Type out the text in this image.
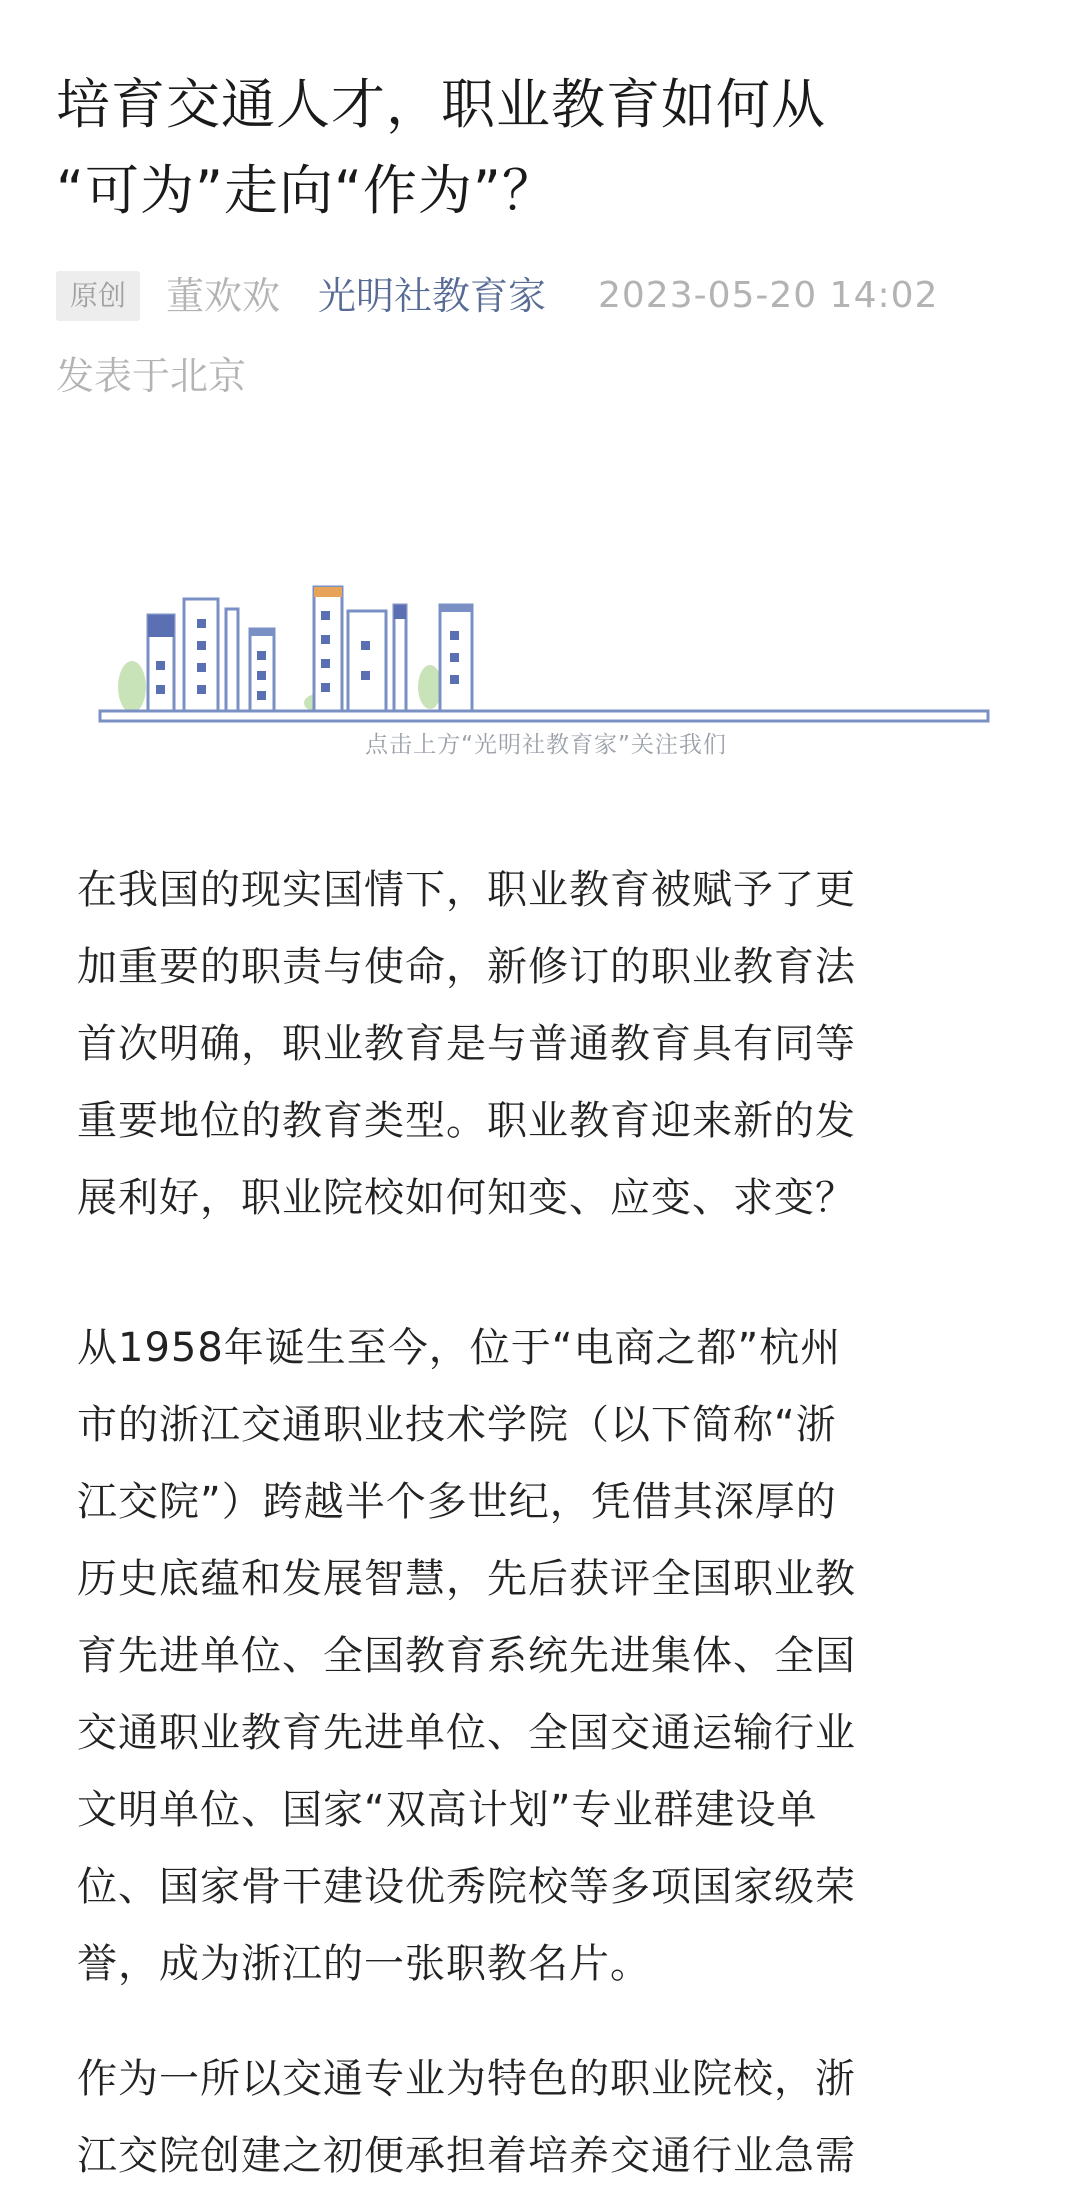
培育交通人才，职业教育如何从
“可为”走向“作为”？
原创	董欢欢 光明社教育家 2023-05-20 14:02
发表于北京
点击上方“光明社教育家”关注我们
在我国的现实国情下，职业教育被赋予了更
加重要的职责与使命，新修订的职业教育法
首次明确，职业教育是与普通教育具有同等
重要地位的教育类型。职业教育迎来新的发
展利好，职业院校如何知变、应变、求变？
从1958年诞生至今，位于“电商之都”杭州
市的浙江交通职业技术学院（以下简称“浙
江交院”）跨越半个多世纪，凭借其深厚的
历史底蕴和发展智慧，先后获评全国职业教
育先进单位、全国教育系统先进集体、全国
交通职业教育先进单位、全国交通运输行业
文明单位、国家“双高计划”专业群建设单
位、国家骨干建设优秀院校等多项国家级荣
誉，成为浙江的一张职教名片。
作为一所以交通专业为特色的职业院校，浙
江交院创建之初便承担着培养交通行业急需
